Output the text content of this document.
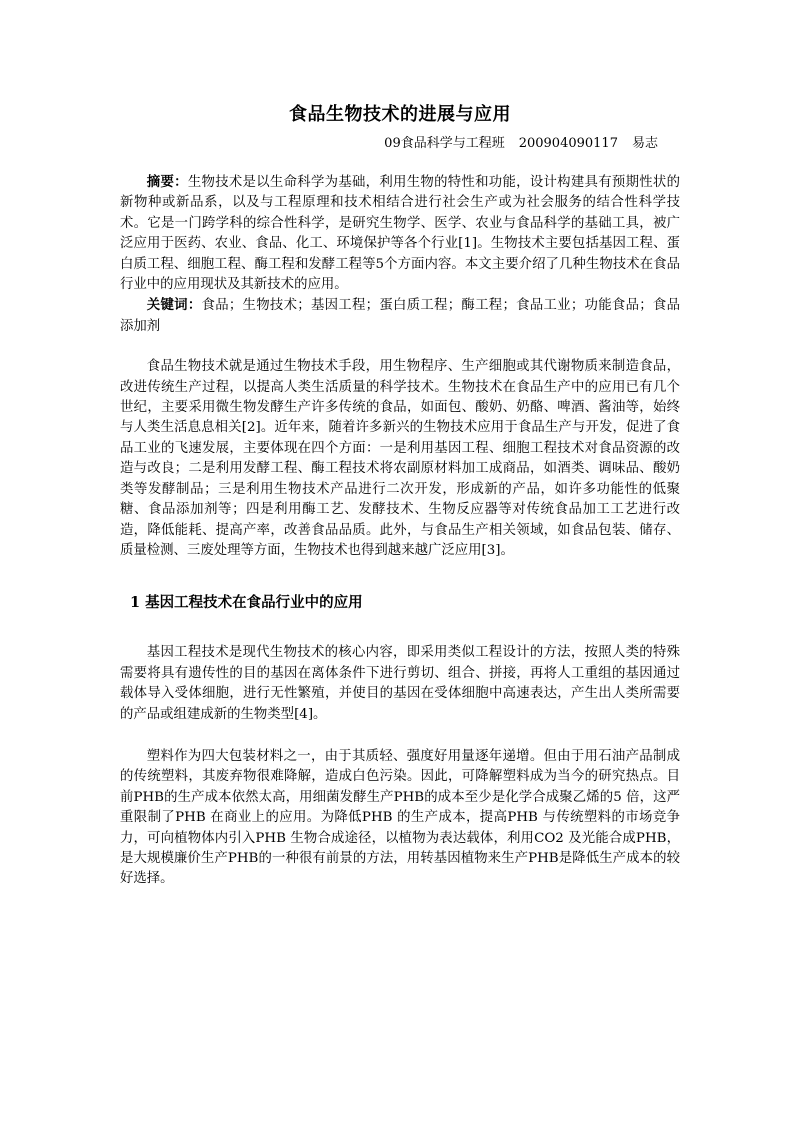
食品生物技术的进展与应用
09食品科学与工程班 200904090117 易志

摘要：生物技术是以生命科学为基础，利用生物的特性和功能，设计构建具有预期性状的新物种或新品系，以及与工程原理和技术相结合进行社会生产或为社会服务的结合性科学技术。它是一门跨学科的综合性科学，是研究生物学、医学、农业与食品科学的基础工具，被广泛应用于医药、农业、食品、化工、环境保护等各个行业[1]。生物技术主要包括基因工程、蛋白质工程、细胞工程、酶工程和发酵工程等5个方面内容。本文主要介绍了几种生物技术在食品行业中的应用现状及其新技术的应用。

关键词：食品；生物技术；基因工程；蛋白质工程；酶工程；食品工业；功能食品；食品添加剂

食品生物技术就是通过生物技术手段，用生物程序、生产细胞或其代谢物质来制造食品，改进传统生产过程，以提高人类生活质量的科学技术。生物技术在食品生产中的应用已有几个世纪，主要采用微生物发酵生产许多传统的食品，如面包、酸奶、奶酪、啤酒、酱油等，始终与人类生活息息相关[2]。近年来，随着许多新兴的生物技术应用于食品生产与开发，促进了食品工业的飞速发展，主要体现在四个方面：一是利用基因工程、细胞工程技术对食品资源的改造与改良；二是利用发酵工程、酶工程技术将农副原材料加工成商品，如酒类、调味品、酸奶类等发酵制品；三是利用生物技术产品进行二次开发，形成新的产品，如许多功能性的低聚糖、食品添加剂等；四是利用酶工艺、发酵技术、生物反应器等对传统食品加工工艺进行改造，降低能耗、提高产率，改善食品品质。此外，与食品生产相关领域，如食品包装、储存、质量检测、三废处理等方面，生物技术也得到越来越广泛应用[3]。

1 基因工程技术在食品行业中的应用

基因工程技术是现代生物技术的核心内容，即采用类似工程设计的方法，按照人类的特殊需要将具有遗传性的目的基因在离体条件下进行剪切、组合、拼接，再将人工重组的基因通过载体导入受体细胞，进行无性繁殖，并使目的基因在受体细胞中高速表达，产生出人类所需要的产品或组建成新的生物类型[4]。

塑料作为四大包装材料之一，由于其质轻、强度好用量逐年递增。但由于用石油产品制成的传统塑料，其废弃物很难降解，造成白色污染。因此，可降解塑料成为当今的研究热点。目前PHB的生产成本依然太高，用细菌发酵生产PHB的成本至少是化学合成聚乙烯的5 倍，这严重限制了PHB 在商业上的应用。为降低PHB 的生产成本，提高PHB 与传统塑料的市场竞争力，可向植物体内引入PHB 生物合成途径，以植物为表达载体，利用CO2 及光能合成PHB，是大规模廉价生产PHB的一种很有前景的方法，用转基因植物来生产PHB是降低生产成本的较好选择。
